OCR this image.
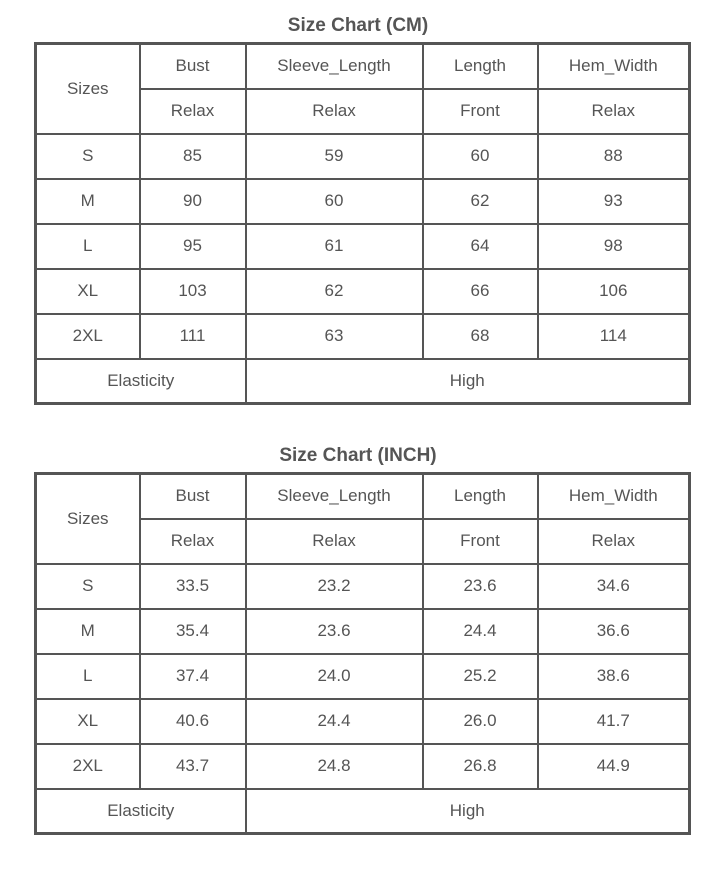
Size Chart (CM)
Sizes	Bust	Sleeve_Length	Length	Hem_Width
	Relax	Relax	Front	Relax
S	85	59	60	88
M	90	60	62	93
L	95	61	64	98
XL	103	62	66	106
2XL	111	63	68	114
Elasticity		High		
Size Chart (INCH)
Sizes	Bust	Sleeve_Length	Length	Hem_Width
	Relax	Relax	Front	Relax
S	33.5	23.2	23.6	34.6
M	35.4	23.6	24.4	36.6
L	37.4	24.0	25.2	38.6
XL	40.6	24.4	26.0	41.7
2XL	43.7	24.8	26.8	44.9
Elasticity		High		
